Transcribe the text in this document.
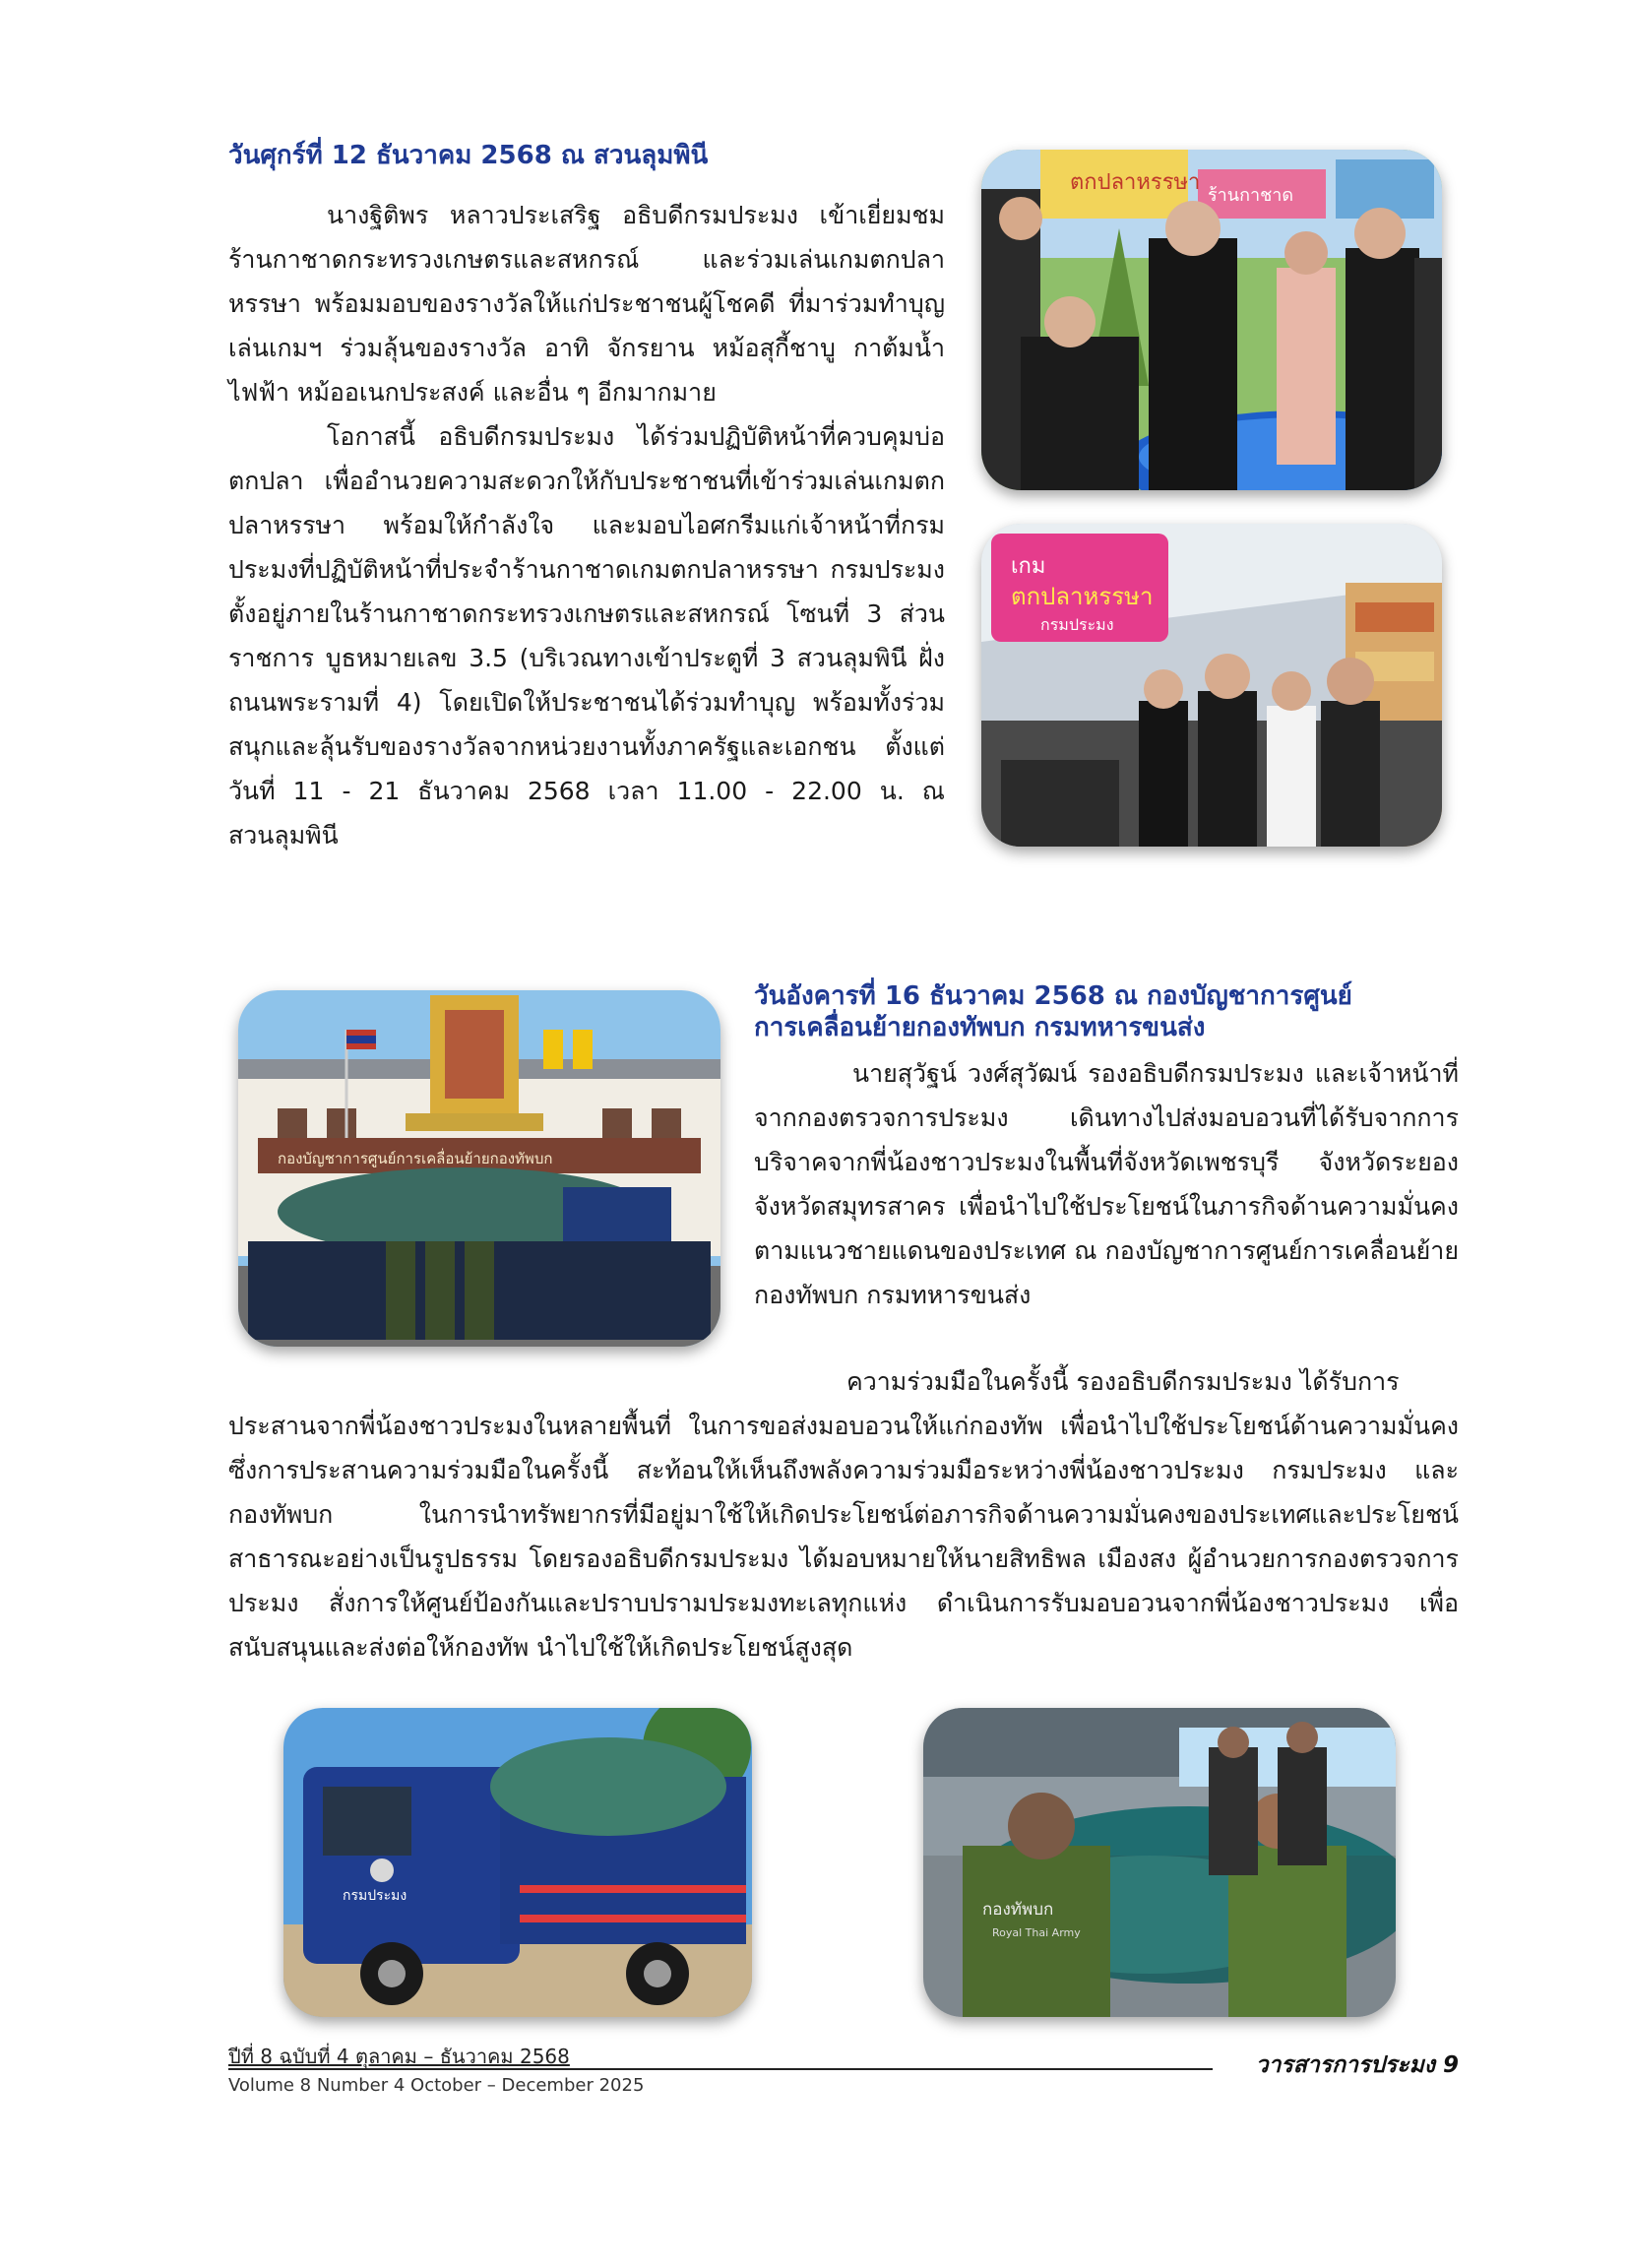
วันศุกร์ที่ 12 ธันวาคม 2568 ณ สวนลุมพินี

นางฐิติพร หลาวประเสริฐ อธิบดีกรมประมง เข้าเยี่ยมชมร้านกาชาดกระทรวงเกษตรและสหกรณ์ และร่วมเล่นเกมตกปลาหรรษา พร้อมมอบของรางวัลให้แก่ประชาชนผู้โชคดี ที่มาร่วมทำบุญเล่นเกมฯ ร่วมลุ้นของรางวัล อาทิ จักรยาน หม้อสุกี้ชาบู กาต้มน้ำไฟฟ้า หม้ออเนกประสงค์ และอื่น ๆ อีกมากมาย

โอกาสนี้ อธิบดีกรมประมง ได้ร่วมปฏิบัติหน้าที่ควบคุมบ่อตกปลา เพื่ออำนวยความสะดวกให้กับประชาชนที่เข้าร่วมเล่นเกมตกปลาหรรษา พร้อมให้กำลังใจ และมอบไอศกรีมแก่เจ้าหน้าที่กรมประมงที่ปฏิบัติหน้าที่ประจำร้านกาชาดเกมตกปลาหรรษา กรมประมง ตั้งอยู่ภายในร้านกาชาดกระทรวงเกษตรและสหกรณ์ โซนที่ 3 ส่วนราชการ บูธหมายเลข 3.5 (บริเวณทางเข้าประตูที่ 3 สวนลุมพินี ฝั่งถนนพระรามที่ 4) โดยเปิดให้ประชาชนได้ร่วมทำบุญ พร้อมทั้งร่วมสนุกและลุ้นรับของรางวัลจากหน่วยงานทั้งภาครัฐและเอกชน ตั้งแต่วันที่ 11 - 21 ธันวาคม 2568 เวลา 11.00 - 22.00 น. ณ สวนลุมพินี

ตกปลาหรรษา
ร้านกาชาด
เกม
ตกปลาหรรษา
กรมประมง
วันอังคารที่ 16 ธันวาคม 2568 ณ กองบัญชาการศูนย์
การเคลื่อนย้ายกองทัพบก กรมทหารขนส่ง
กองบัญชาการศูนย์การเคลื่อนย้ายกองทัพบก

นายสุวัฐน์ วงศ์สุวัฒน์ รองอธิบดีกรมประมง และเจ้าหน้าที่จากกองตรวจการประมง เดินทางไปส่งมอบอวนที่ได้รับจากการบริจาคจากพี่น้องชาวประมงในพื้นที่จังหวัดเพชรบุรี จังหวัดระยอง จังหวัดสมุทรสาคร เพื่อนำไปใช้ประโยชน์ในภารกิจด้านความมั่นคงตามแนวชายแดนของประเทศ ณ กองบัญชาการศูนย์การเคลื่อนย้ายกองทัพบก กรมทหารขนส่ง

ความร่วมมือในครั้งนี้ รองอธิบดีกรมประมง ได้รับการ
ประสานจากพี่น้องชาวประมงในหลายพื้นที่ ในการขอส่งมอบอวนให้แก่กองทัพ เพื่อนำไปใช้ประโยชน์ด้านความมั่นคง ซึ่งการประสานความร่วมมือในครั้งนี้ สะท้อนให้เห็นถึงพลังความร่วมมือระหว่างพี่น้องชาวประมง กรมประมง และกองทัพบก ในการนำทรัพยากรที่มีอยู่มาใช้ให้เกิดประโยชน์ต่อภารกิจด้านความมั่นคงของประเทศและประโยชน์สาธารณะอย่างเป็นรูปธรรม โดยรองอธิบดีกรมประมง ได้มอบหมายให้นายสิทธิพล เมืองสง ผู้อำนวยการกองตรวจการประมง สั่งการให้ศูนย์ป้องกันและปราบปรามประมงทะเลทุกแห่ง ดำเนินการรับมอบอวนจากพี่น้องชาวประมง เพื่อสนับสนุนและส่งต่อให้กองทัพ นำไปใช้ให้เกิดประโยชน์สูงสุด
กรมประมง
กองทัพบก
Royal Thai Army
ปีที่ 8 ฉบับที่ 4 ตุลาคม – ธันวาคม 2568	วารสารการประมง 9
Volume 8 Number 4 October – December 2025
